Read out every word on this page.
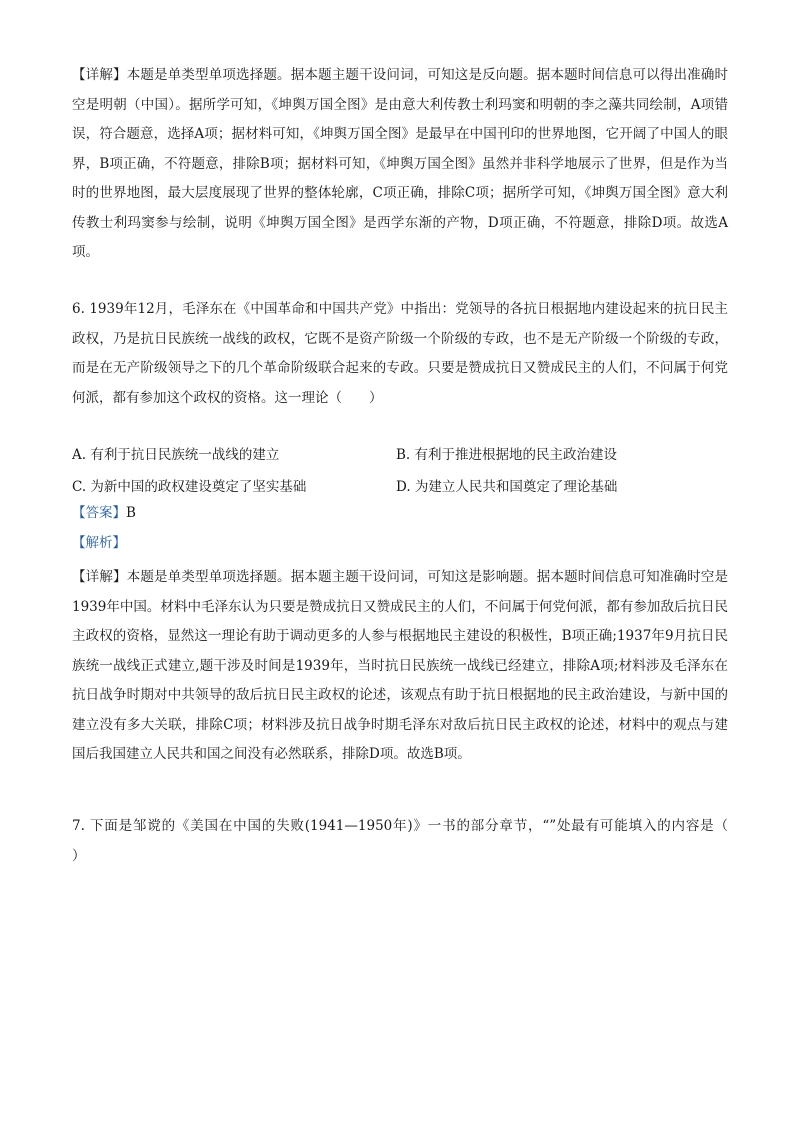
【详解】本题是单类型单项选择题。据本题主题干设问词，可知这是反向题。据本题时间信息可以得出准确时空是明朝（中国）。据所学可知，《坤舆万国全图》是由意大利传教士利玛窦和明朝的李之藻共同绘制，A项错误，符合题意，选择A项；据材料可知，《坤舆万国全图》是最早在中国刊印的世界地图，它开阔了中国人的眼界，B项正确，不符题意，排除B项；据材料可知，《坤舆万国全图》虽然并非科学地展示了世界，但是作为当时的世界地图，最大层度展现了世界的整体轮廓，C项正确，排除C项；据所学可知，《坤舆万国全图》意大利传教士利玛窦参与绘制，说明《坤舆万国全图》是西学东渐的产物，D项正确，不符题意，排除D项。故选A项。

6. 1939年12月，毛泽东在《中国革命和中国共产党》中指出：党领导的各抗日根据地内建设起来的抗日民主政权，乃是抗日民族统一战线的政权，它既不是资产阶级一个阶级的专政，也不是无产阶级一个阶级的专政，而是在无产阶级领导之下的几个革命阶级联合起来的专政。只要是赞成抗日又赞成民主的人们，不问属于何党何派，都有参加这个政权的资格。这一理论（　　）

A. 有利于抗日民族统一战线的建立	B. 有利于推进根据地的民主政治建设
C. 为新中国的政权建设奠定了坚实基础	D. 为建立人民共和国奠定了理论基础
【答案】B
【解析】

【详解】本题是单类型单项选择题。据本题主题干设问词，可知这是影响题。据本题时间信息可知准确时空是1939年中国。材料中毛泽东认为只要是赞成抗日又赞成民主的人们，不问属于何党何派，都有参加敌后抗日民主政权的资格，显然这一理论有助于调动更多的人参与根据地民主建设的积极性，B项正确;1937年9月抗日民族统一战线正式建立,题干涉及时间是1939年，当时抗日民族统一战线已经建立，排除A项;材料涉及毛泽东在抗日战争时期对中共领导的敌后抗日民主政权的论述，该观点有助于抗日根据地的民主政治建设，与新中国的建立没有多大关联，排除C项；材料涉及抗日战争时期毛泽东对敌后抗日民主政权的论述，材料中的观点与建国后我国建立人民共和国之间没有必然联系，排除D项。故选B项。

7. 下面是邹谠的《美国在中国的失败(1941—1950年)》一书的部分章节，“”处最有可能填入的内容是（　　）
